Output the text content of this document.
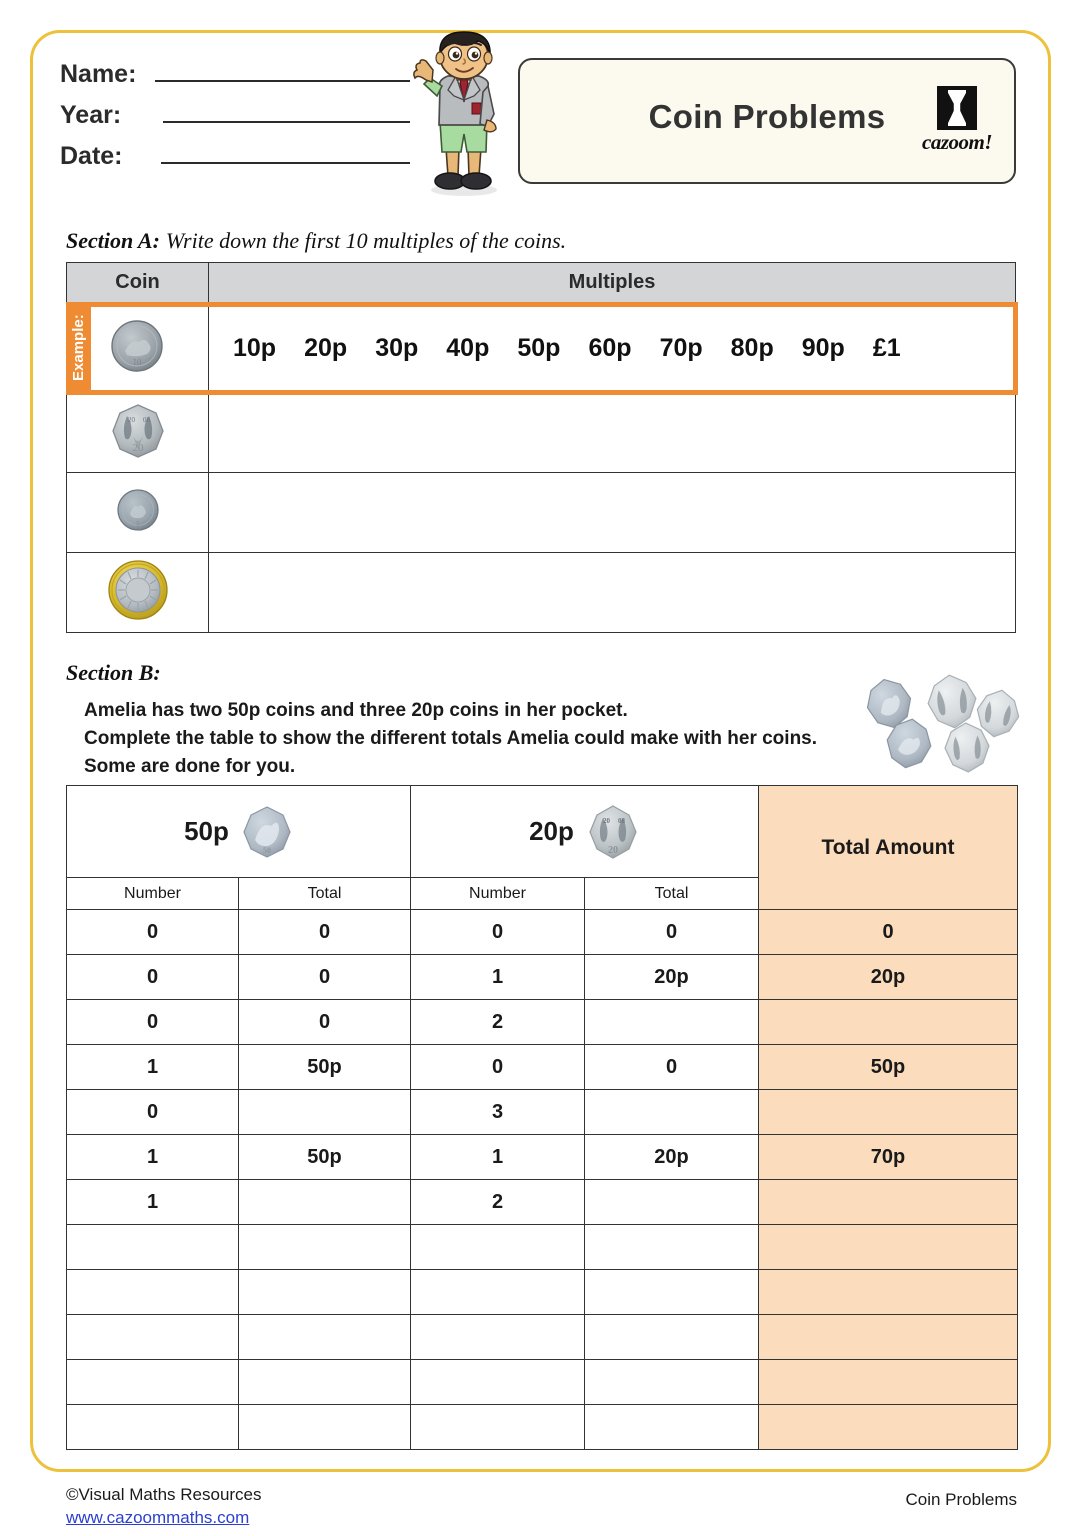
Name:
Year:
Date:
Coin Problems
cazoom!
Section A: Write down the first 10 multiples of the coins.
Example:
Coin	Multiples

10	10p 20p 30p 40p 50p 60p 70p 80p 90p £1

20 08
20	

5	

Section B:
Amelia has two 50p coins and three 20p coins in her pocket.
Complete the table to show the different totals Amelia could make with her coins.
Some are done for you.
50p
50		20p 20 08
20		Total Amount
Number	Total	Number	Total	
0	0	0	0	0
0	0	1	20p	20p
0	0	2		
1	50p	0	0	50p
0		3		
1	50p	1	20p	70p
1		2		

©Visual Maths Resources
www.cazoommaths.com
Coin Problems
